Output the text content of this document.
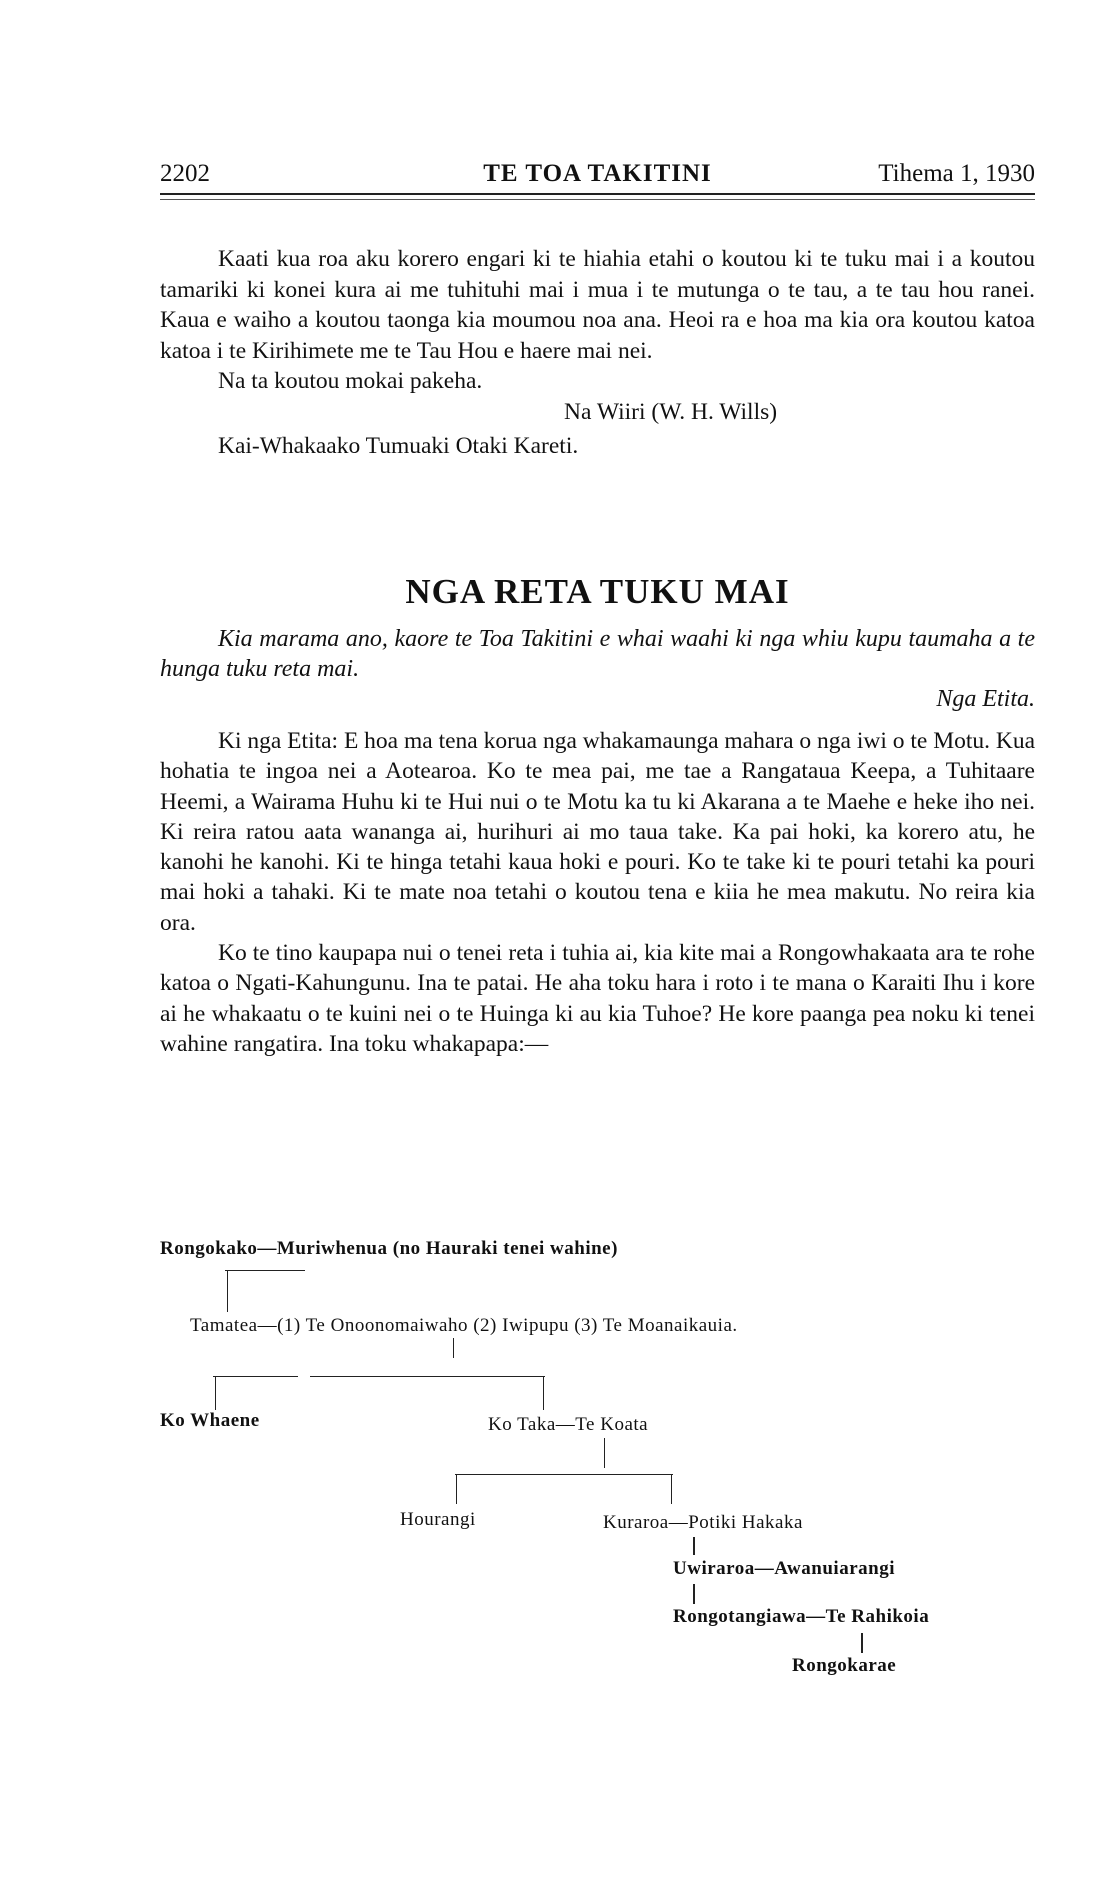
2202	TE TOA TAKITINI	Tihema 1, 1930

Kaati kua roa aku korero engari ki te hiahia etahi o koutou ki te tuku mai i a koutou tamariki ki konei kura ai me tuhituhi mai i mua i te mutunga o te tau, a te tau hou ranei. Kaua e waiho a koutou taonga kia moumou noa ana. Heoi ra e hoa ma kia ora koutou katoa katoa i te Kirihimete me te Tau Hou e haere mai nei.

Na ta koutou mokai pakeha.

Na Wiiri (W. H. Wills)

Kai-Whakaako Tumuaki Otaki Kareti.

NGA RETA TUKU MAI

Kia marama ano, kaore te Toa Takitini e whai waahi ki nga whiu kupu taumaha a te hunga tuku reta mai.

Nga Etita.

Ki nga Etita: E hoa ma tena korua nga whakamaunga mahara o nga iwi o te Motu. Kua hohatia te ingoa nei a Aotearoa. Ko te mea pai, me tae a Rangataua Keepa, a Tuhitaare Heemi, a Wairama Huhu ki te Hui nui o te Motu ka tu ki Akarana a te Maehe e heke iho nei. Ki reira ratou aata wananga ai, hurihuri ai mo taua take. Ka pai hoki, ka korero atu, he kanohi he kanohi. Ki te hinga tetahi kaua hoki e pouri. Ko te take ki te pouri tetahi ka pouri mai hoki a tahaki. Ki te mate noa tetahi o koutou tena e kiia he mea makutu. No reira kia ora.

Ko te tino kaupapa nui o tenei reta i tuhia ai, kia kite mai a Rongowhakaata ara te rohe katoa o Ngati-Kahungunu. Ina te patai. He aha toku hara i roto i te mana o Karaiti Ihu i kore ai he whakaatu o te kuini nei o te Huinga ki au kia Tuhoe? He kore paanga pea noku ki tenei wahine rangatira. Ina toku whakapapa:—

Rongokako—Muriwhenua (no Hauraki tenei wahine)
Tamatea—(1) Te Onoonomaiwaho (2) Iwipupu (3) Te Moanaikauia.
Ko Whaene	Ko Taka—Te Koata
Hourangi	Kuraroa—Potiki Hakaka
Uwiraroa—Awanuiarangi
Rongotangiawa—Te Rahikoia
Rongokarae
